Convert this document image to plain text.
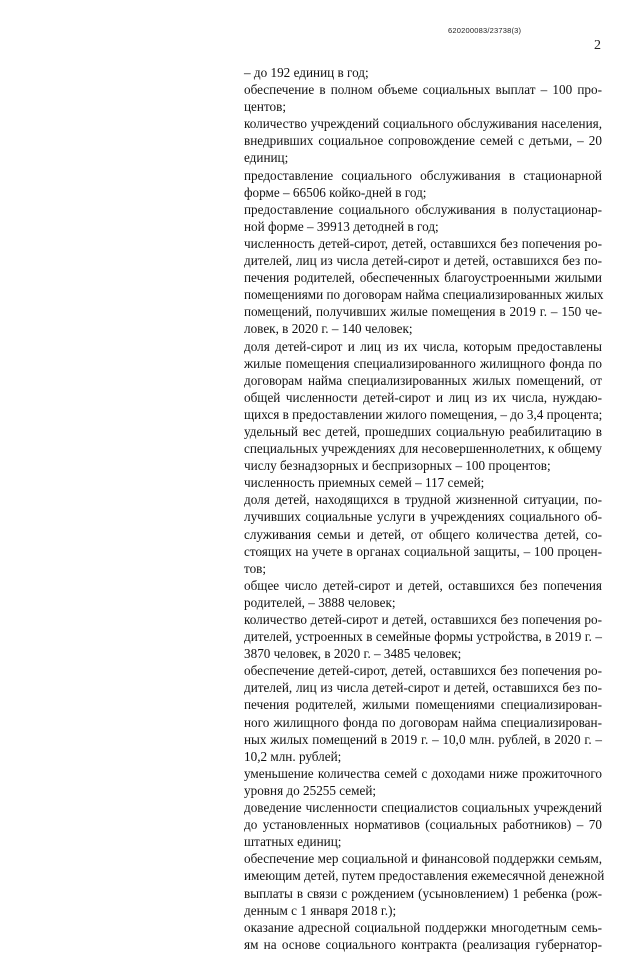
620200083/23738(3)
2
– до 192 единиц в год;
обеспечение в полном объеме социальных выплат – 100 про-
центов;
количество учреждений социального обслуживания населения,
внедривших социальное сопровождение семей с детьми, – 20
единиц;
предоставление социального обслуживания в стационарной
форме – 66506 койко-дней в год;
предоставление социального обслуживания в полустационар-
ной форме – 39913 детодней в год;
численность детей-сирот, детей, оставшихся без попечения ро-
дителей, лиц из числа детей-сирот и детей, оставшихся без по-
печения родителей, обеспеченных благоустроенными жилыми
помещениями по договорам найма специализированных жилых
помещений, получивших жилые помещения в 2019 г. – 150 че-
ловек, в 2020 г. – 140 человек;
доля детей-сирот и лиц из их числа, которым предоставлены
жилые помещения специализированного жилищного фонда по
договорам найма специализированных жилых помещений, от
общей численности детей-сирот и лиц из их числа, нуждаю-
щихся в предоставлении жилого помещения, – до 3,4 процента;
удельный вес детей, прошедших социальную реабилитацию в
специальных учреждениях для несовершеннолетних, к общему
числу безнадзорных и беспризорных – 100 процентов;
численность приемных семей – 117 семей;
доля детей, находящихся в трудной жизненной ситуации, по-
лучивших социальные услуги в учреждениях социального об-
служивания семьи и детей, от общего количества детей, со-
стоящих на учете в органах социальной защиты, – 100 процен-
тов;
общее число детей-сирот и детей, оставшихся без попечения
родителей, – 3888 человек;
количество детей-сирот и детей, оставшихся без попечения ро-
дителей, устроенных в семейные формы устройства, в 2019 г. –
3870 человек, в 2020 г. – 3485 человек;
обеспечение детей-сирот, детей, оставшихся без попечения ро-
дителей, лиц из числа детей-сирот и детей, оставшихся без по-
печения родителей, жилыми помещениями специализирован-
ного жилищного фонда по договорам найма специализирован-
ных жилых помещений в 2019 г. – 10,0 млн. рублей, в 2020 г. –
10,2 млн. рублей;
уменьшение количества семей с доходами ниже прожиточного
уровня до 25255 семей;
доведение численности специалистов социальных учреждений
до установленных нормативов (социальных работников) – 70
штатных единиц;
обеспечение мер социальной и финансовой поддержки семьям,
имеющим детей, путем предоставления ежемесячной денежной
выплаты в связи с рождением (усыновлением) 1 ребенка (рож-
денным с 1 января 2018 г.);
оказание адресной социальной поддержки многодетным семь-
ям на основе социального контракта (реализация губернатор-
